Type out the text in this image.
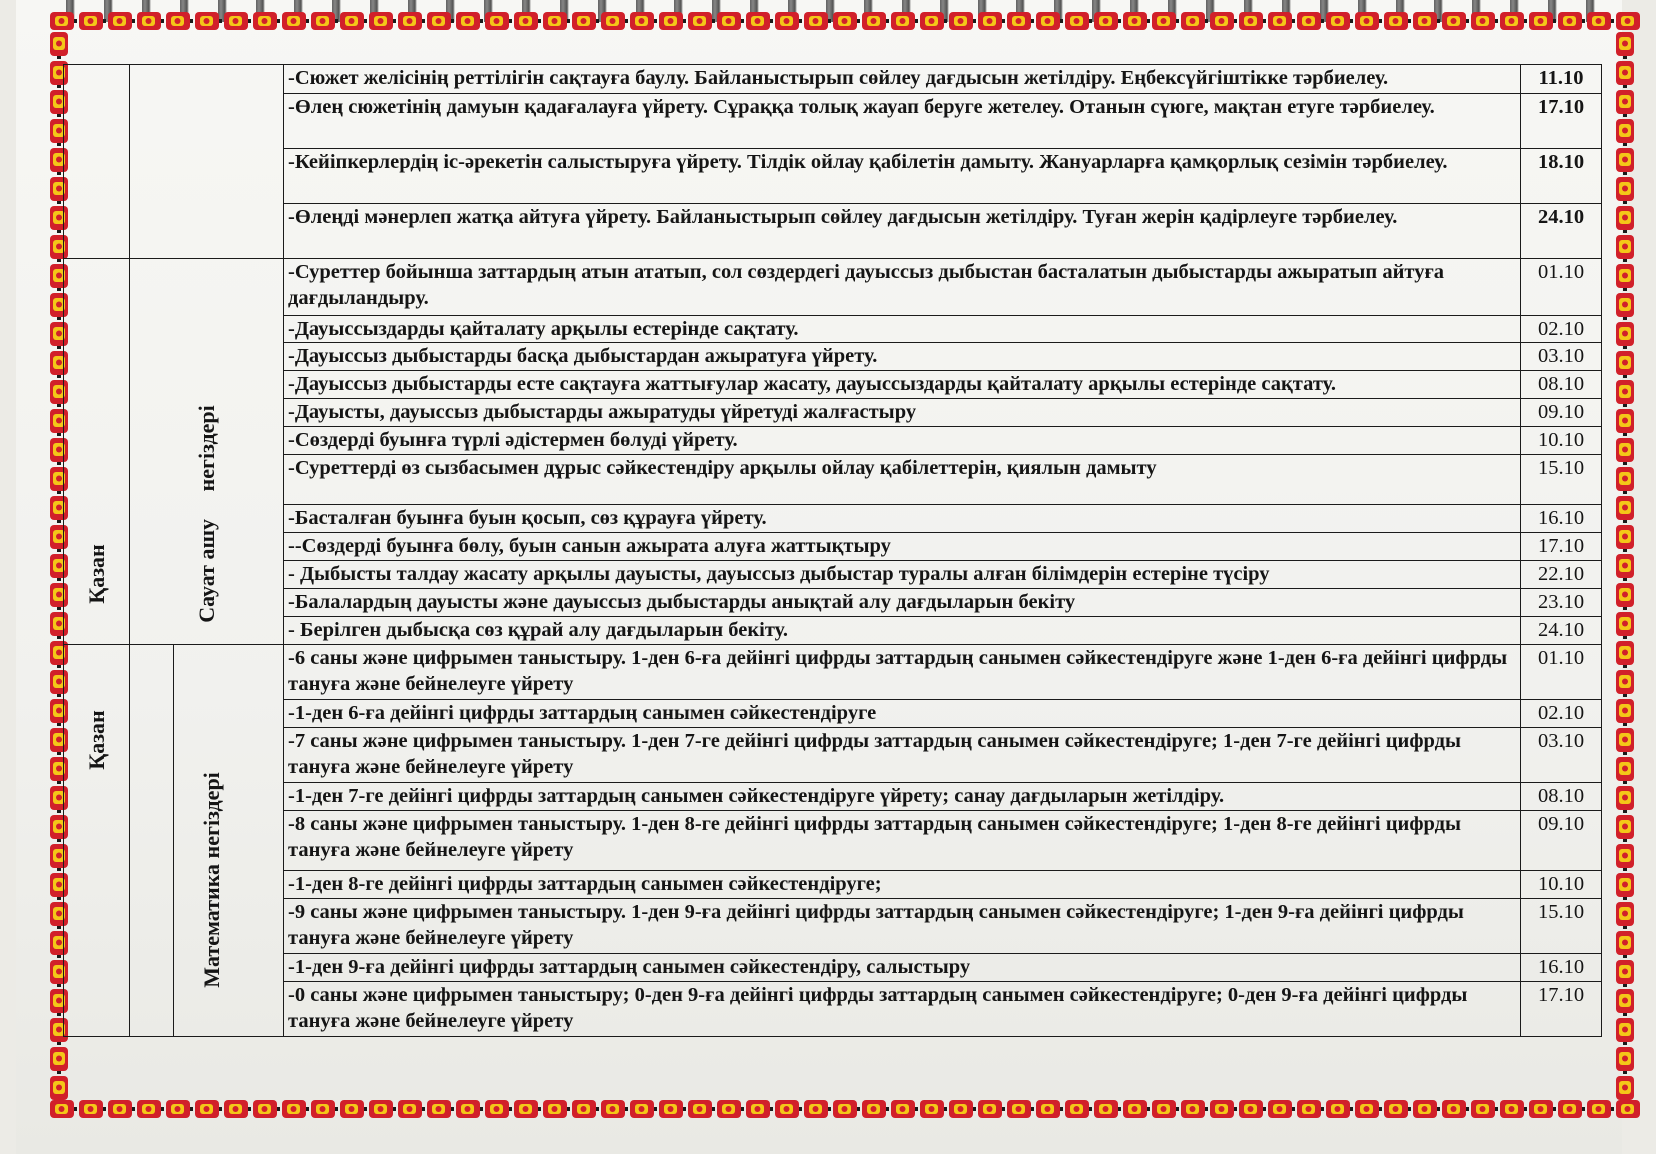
			-Сюжет желісінің реттілігін сақтауға баулу. Байланыстырып сөйлеу дағдысын жетілдіру. Еңбексүйгіштікке тәрбиелеу.	11.10
			-Өлең сюжетінің дамуын қадағалауға үйрету. Сұраққа толық жауап беруге жетелеу. Отанын сүюге, мақтан етуге тәрбиелеу.	17.10
			-Кейіпкерлердің іс-әрекетін салыстыруға үйрету. Тілдік ойлау қабілетін дамыту. Жануарларға қамқорлық сезімін тәрбиелеу.	18.10
			-Өлеңді мәнерлеп жатқа айтуға үйрету. Байланыстырып сөйлеу дағдысын жетілдіру. Туған жерін қадірлеуге тәрбиелеу.	24.10

Қазан	Сауат ашу     негіздері		-Суреттер бойынша заттардың атын ататып, сол сөздердегі дауыссыз дыбыстан басталатын дыбыстарды ажыратып айтуға дағдыландыру.	01.10
			-Дауыссыздарды қайталату арқылы естерінде сақтату.	02.10
			-Дауыссыз дыбыстарды басқа дыбыстардан ажыратуға үйрету.	03.10
			-Дауыссыз дыбыстарды есте сақтауға жаттығулар жасату, дауыссыздарды қайталату арқылы естерінде сақтату.	08.10
			-Дауысты, дауыссыз дыбыстарды ажыратуды үйретуді жалғастыру	09.10
			-Сөздерді буынға түрлі әдістермен бөлуді үйрету.	10.10
			-Суреттерді өз сызбасымен дұрыс сәйкестендіру арқылы ойлау қабілеттерін, қиялын дамыту	15.10
			-Басталған буынға буын қосып, сөз құрауға үйрету.	16.10
			--Сөздерді буынға бөлу, буын санын ажырата алуға жаттықтыру	17.10
			- Дыбысты талдау жасату арқылы дауысты, дауыссыз дыбыстар туралы алған білімдерін естеріне түсіру	22.10
			-Балалардың дауысты және дауыссыз дыбыстарды анықтай алу дағдыларын бекіту	23.10
			- Берілген дыбысқа сөз құрай алу дағдыларын бекіту.	24.10

Қазан		Математика негіздері	-6 саны және цифрымен таныстыру. 1-ден 6-ға дейінгі цифрды заттардың санымен сәйкестендіруге және 1-ден 6-ға дейінгі цифрды тануға және бейнелеуге үйрету	01.10
			-1-ден 6-ға дейінгі цифрды заттардың санымен сәйкестендіруге	02.10
			-7 саны және цифрымен таныстыру. 1-ден 7-ге дейінгі цифрды заттардың санымен сәйкестендіруге; 1-ден 7-ге дейінгі цифрды тануға және бейнелеуге үйрету	03.10
			-1-ден 7-ге дейінгі цифрды заттардың санымен сәйкестендіруге үйрету; санау дағдыларын жетілдіру.	08.10
			-8 саны және цифрымен таныстыру. 1-ден 8-ге дейінгі цифрды заттардың санымен сәйкестендіруге; 1-ден 8-ге дейінгі цифрды тануға және бейнелеуге үйрету	09.10
			-1-ден 8-ге дейінгі цифрды заттардың санымен сәйкестендіруге;	10.10
			-9 саны және цифрымен таныстыру. 1-ден 9-ға дейінгі цифрды заттардың санымен сәйкестендіруге; 1-ден 9-ға дейінгі цифрды тануға және бейнелеуге үйрету	15.10
			-1-ден 9-ға дейінгі цифрды заттардың санымен сәйкестендіру, салыстыру	16.10
			-0 саны және цифрымен таныстыру; 0-ден 9-ға дейінгі цифрды заттардың санымен сәйкестендіруге; 0-ден 9-ға дейінгі цифрды тануға және бейнелеуге үйрету	17.10
